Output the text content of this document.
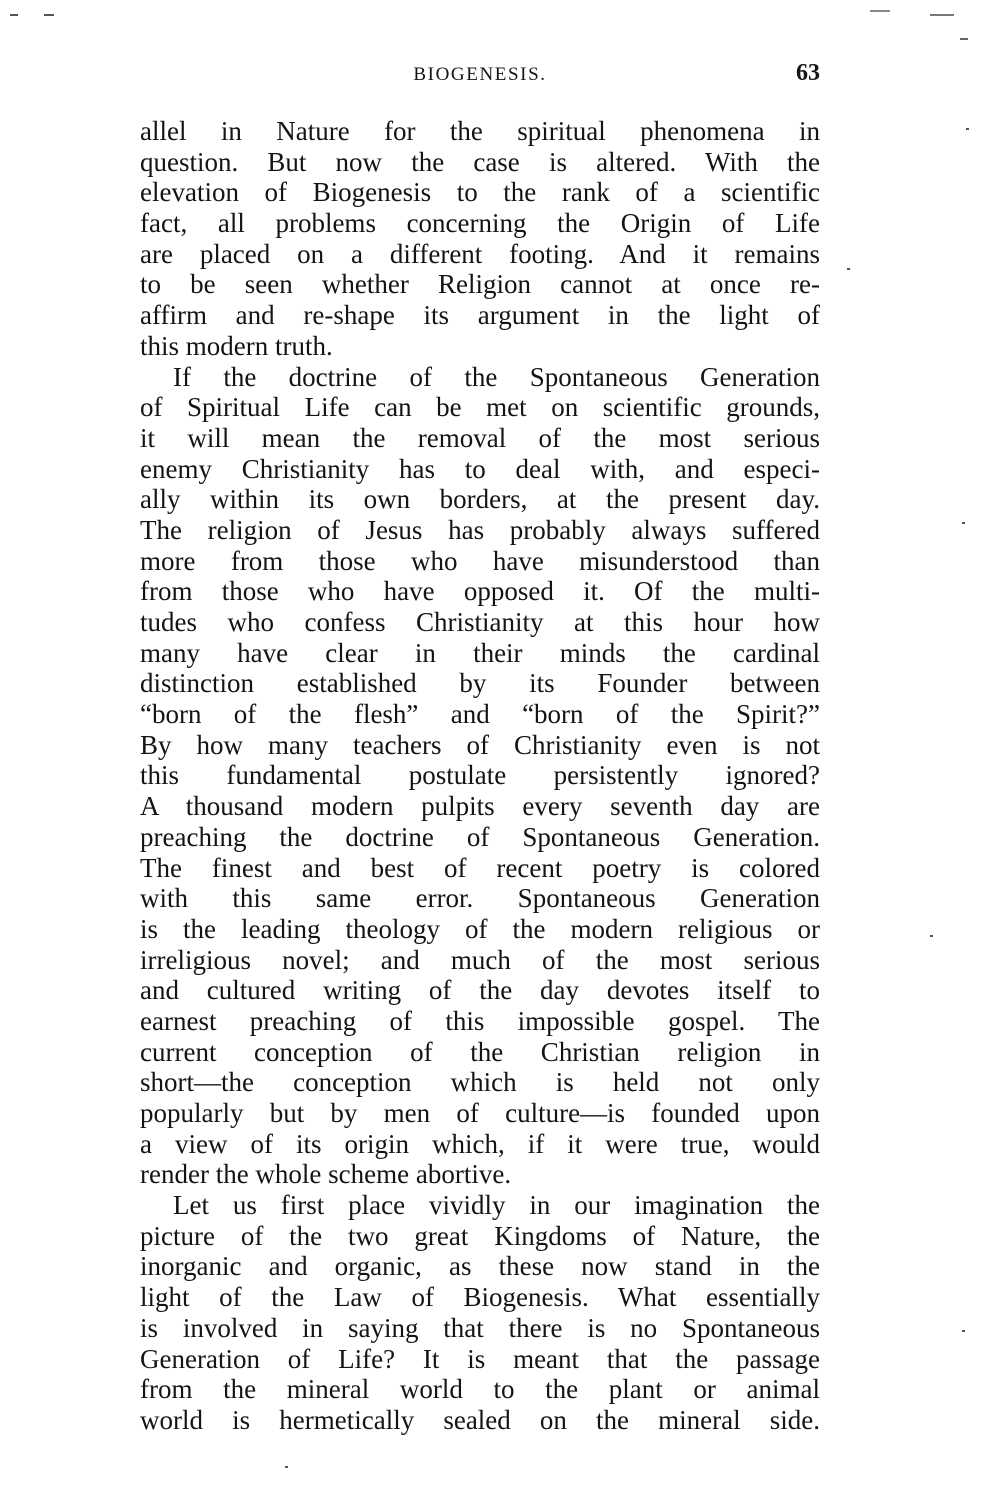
BIOGENESIS.	63
allel in Nature for the spiritual phenomena in
question. But now the case is altered. With the
elevation of Biogenesis to the rank of a scientific
fact, all problems concerning the Origin of Life
are placed on a different footing. And it remains
to be seen whether Religion cannot at once re-
affirm and re-shape its argument in the light of
this modern truth.
If the doctrine of the Spontaneous Generation
of Spiritual Life can be met on scientific grounds,
it will mean the removal of the most serious
enemy Christianity has to deal with, and especi-
ally within its own borders, at the present day.
The religion of Jesus has probably always suffered
more from those who have misunderstood than
from those who have opposed it. Of the multi-
tudes who confess Christianity at this hour how
many have clear in their minds the cardinal
distinction established by its Founder between
“born of the flesh” and “born of the Spirit?”
By how many teachers of Christianity even is not
this fundamental postulate persistently ignored?
A thousand modern pulpits every seventh day are
preaching the doctrine of Spontaneous Generation.
The finest and best of recent poetry is colored
with this same error. Spontaneous Generation
is the leading theology of the modern religious or
irreligious novel; and much of the most serious
and cultured writing of the day devotes itself to
earnest preaching of this impossible gospel. The
current conception of the Christian religion in
short—the conception which is held not only
popularly but by men of culture—is founded upon
a view of its origin which, if it were true, would
render the whole scheme abortive.
Let us first place vividly in our imagination the
picture of the two great Kingdoms of Nature, the
inorganic and organic, as these now stand in the
light of the Law of Biogenesis. What essentially
is involved in saying that there is no Spontaneous
Generation of Life? It is meant that the passage
from the mineral world to the plant or animal
world is hermetically sealed on the mineral side.
